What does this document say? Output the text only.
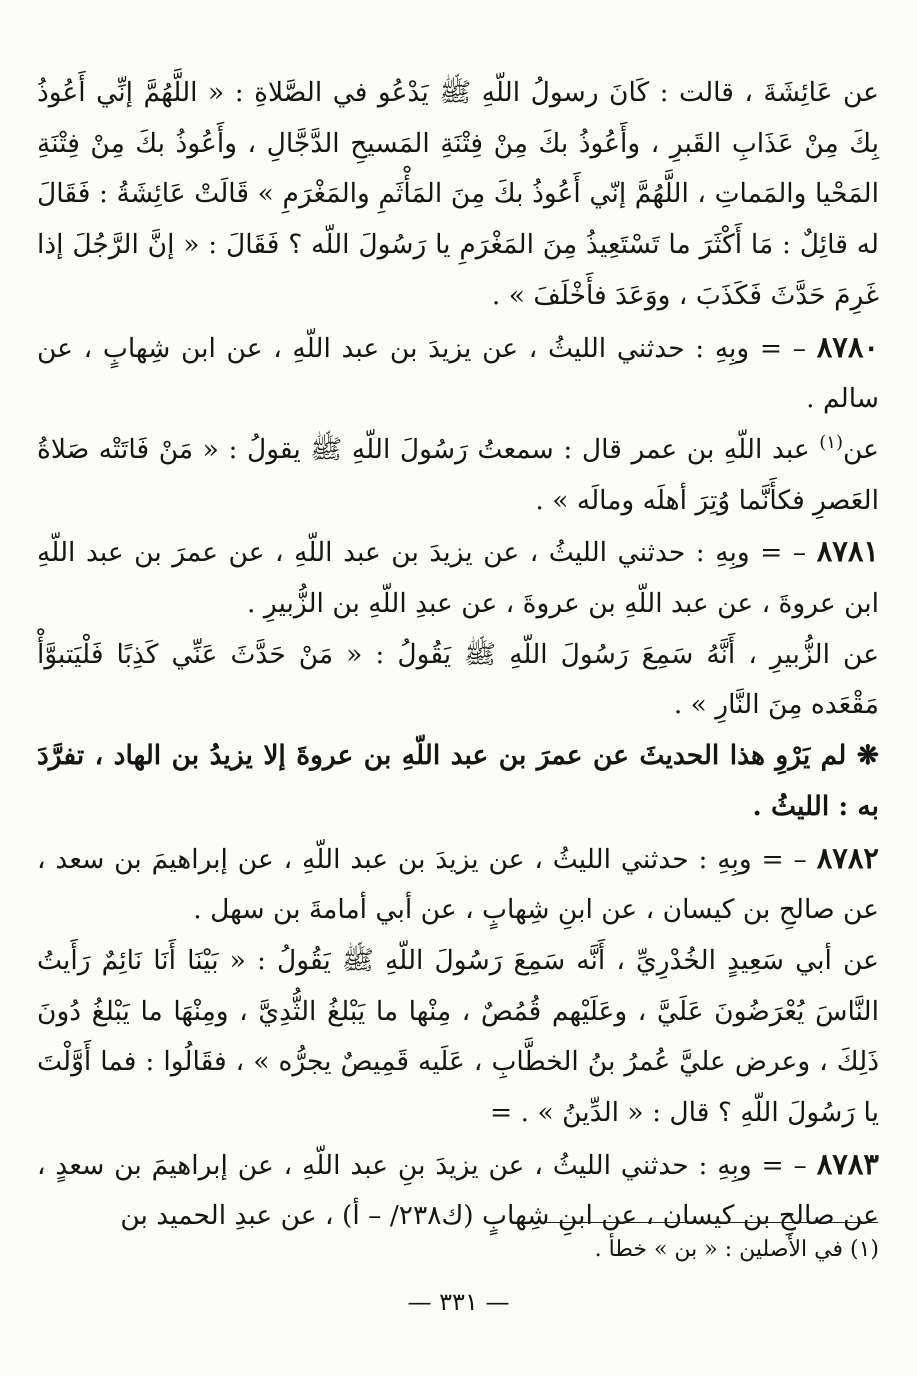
عن عَائِشَةَ ، قالت : كَانَ رسولُ اللّهِ ﷺ يَدْعُو في الصَّلاةِ : « اللَّهُمَّ إنِّي أَعُوذُ بِكَ مِنْ عَذَابِ القَبرِ ، وأَعُوذُ بكَ مِنْ فِتْنَةِ المَسيحِ الدَّجَّالِ ، وأَعُوذُ بكَ مِنْ فِتْنَةِ المَحْيا والمَماتِ ، اللَّهُمَّ إنّي أَعُوذُ بكَ مِنَ المَأْثَمِ والمَغْرَمِ » قَالَتْ عَائِشَةُ : فَقَالَ له قائِلٌ : مَا أَكْثَرَ ما تَسْتَعِيذُ مِنَ المَغْرَمِ يا رَسُولَ اللّه ؟ فَقَالَ : « إنَّ الرَّجُلَ إذا غَرِمَ حَدَّثَ فَكَذَبَ ، ووَعَدَ فأَخْلَفَ » .

٨٧٨٠ – = وبِهِ : حدثني الليثُ ، عن يزيدَ بن عبد اللّهِ ، عن ابن شِهابٍ ، عن سالم .

عن$^{(١)}$ عبد اللّهِ بن عمر قال : سمعتُ رَسُولَ اللّهِ ﷺ يقولُ : « مَنْ فَاتَتْه صَلاةُ العَصرِ فكأَنَّما وُتِرَ أهلَه ومالَه » .

٨٧٨١ – = وبِهِ : حدثني الليثُ ، عن يزيدَ بن عبد اللّهِ ، عن عمرَ بن عبد اللّهِ ابن عروةَ ، عن عبد اللّهِ بن عروةَ ، عن عبدِ اللّهِ بن الزُّبيرِ .

عن الزُّبيرِ ، أَنَّهُ سَمِعَ رَسُولَ اللّهِ ﷺ يَقُولُ : « مَنْ حَدَّثَ عَنِّي كَذِبًا فَلْيَتبوَّأْ مَقْعَده مِنَ النَّارِ » .

❋ لم يَرْوِ هذا الحديثَ عن عمرَ بن عبد اللّهِ بن عروةَ إلا يزيدُ بن الهاد ، تفرَّدَ به : الليثُ .

٨٧٨٢ – = وبِهِ : حدثني الليثُ ، عن يزيدَ بن عبد اللّهِ ، عن إبراهيمَ بن سعد ، عن صالحِ بن كيسان ، عن ابنِ شِهابٍ ، عن أبي أمامةَ بن سهل .

عن أبي سَعِيدٍ الخُدْرِيِّ ، أَنَّه سَمِعَ رَسُولَ اللّهِ ﷺ يَقُولُ : « بَيْنَا أَنَا نَائِمٌ رَأَيتُ النَّاسَ يُعْرَضُونَ عَلَيَّ ، وعَلَيْهم قُمُصٌ ، مِنْها ما يَبْلغُ الثُّدِيَّ ، ومِنْهَا ما يَبْلغُ دُونَ ذَلِكَ ، وعرض عليَّ عُمرُ بنُ الخطَّابِ ، عَلَيه قَمِيصٌ يجرُّه » ، فقَالُوا : فما أَوَّلْتَ يا رَسُولَ اللّهِ ؟ قال : « الدِّينُ » . =

٨٧٨٣ – = وبِهِ : حدثني الليثُ ، عن يزيدَ بنِ عبد اللّهِ ، عن إبراهيمَ بن سعدٍ ، عن صالحِ بن كيسان ، عن ابنِ شِهابٍ (ك٢٣٨/ – أ) ، عن عبدِ الحميد بن

(١) في الأصلين : « بن » خطأ .
— ٣٣١ —
